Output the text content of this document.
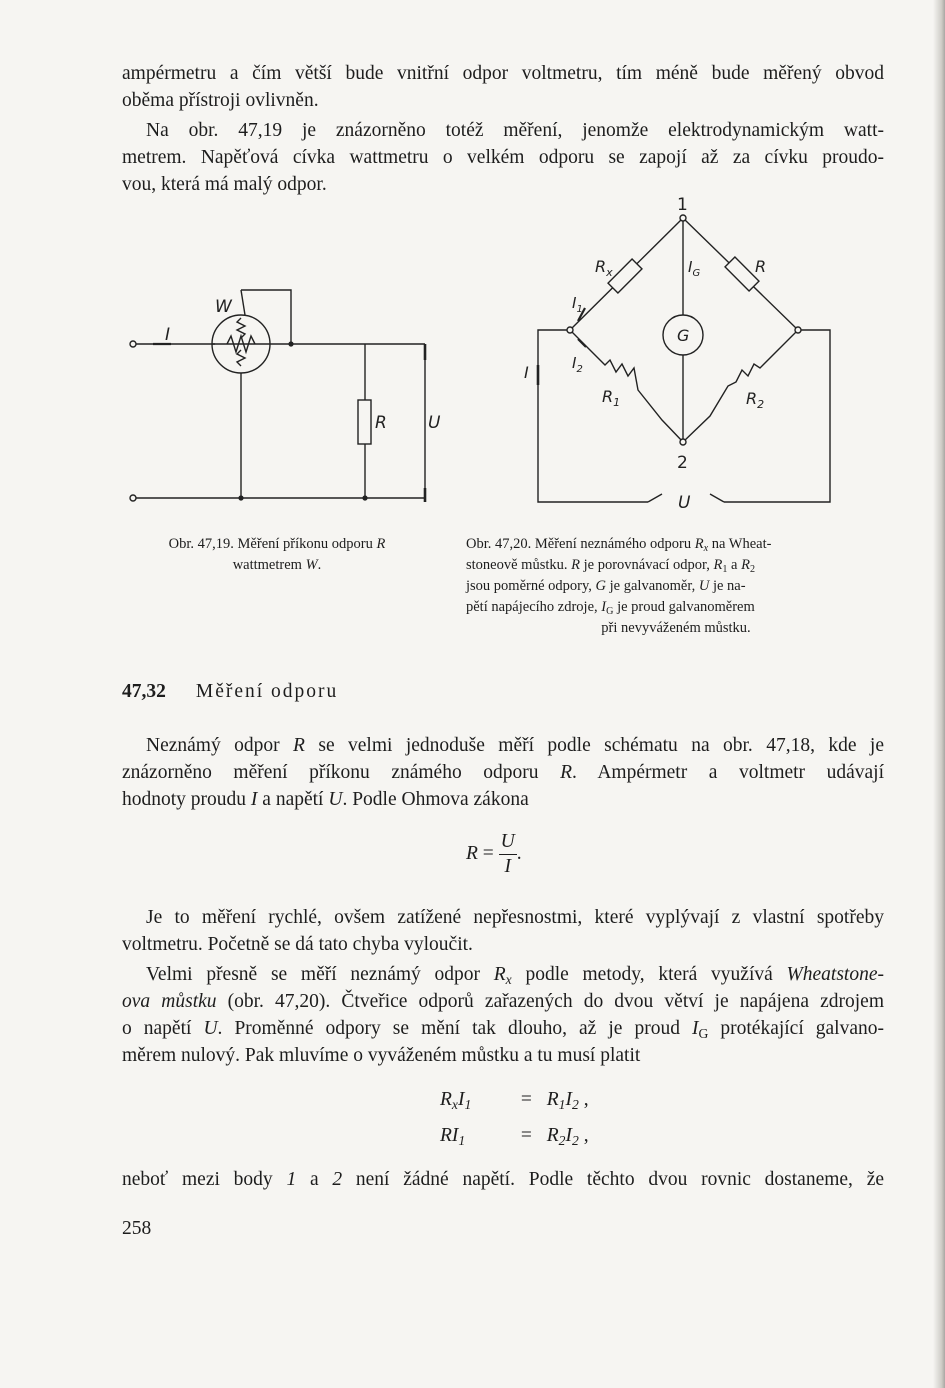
ampérmetru a čím větší bude vnitřní odpor voltmetru, tím méně bude měřený obvod
oběma přístroji ovlivněn.

Na obr. 47,19 je znázorněno totéž měření, jenomže elektrodynamickým watt-
metrem. Napěťová cívka wattmetru o velkém odporu se zapojí až za cívku proudo-
vou, která má malý odpor.

I
W
R U
1
2
$R_x$	R
$I_G$
$I_1$
$I_2$
$R_1$	$R_2$
G
I
U
Obr. 47,19. Měření příkonu odporu R
wattmetrem W.
Obr. 47,20. Měření neznámého odporu $R_x$ na Wheat-
stoneově můstku. R je porovnávací odpor, $R_1$ a $R_2$
jsou poměrné odpory, G je galvanoměr, U je na-
pětí napájecího zdroje, $I_G$ je proud galvanoměrem
při nevyváženém můstku.
47,32 Měření odporu

Neznámý odpor R se velmi jednoduše měří podle schématu na obr. 47,18, kde je
znázorněno měření příkonu známého odporu R. Ampérmetr a voltmetr udávají
hodnoty proudu I a napětí U. Podle Ohmova zákona

$R = \frac{U}{I}$ .

Je to měření rychlé, ovšem zatížené nepřesnostmi, které vyplývají z vlastní spotřeby
voltmetru. Početně se dá tato chyba vyloučit.

Velmi přesně se měří neznámý odpor $R_x$ podle metody, která využívá Wheatstone-
ova můstku (obr. 47,20). Čtveřice odporů zařazených do dvou větví je napájena zdrojem
o napětí U. Proměnné odpory se mění tak dlouho, až je proud $I_G$ protékající galvano-
měrem nulový. Pak mluvíme o vyváženém můstku a tu musí platit

$R_xI_1$	= $R_1I_2$ ,
$RI_1$	= $R_2I_2$ ,

neboť mezi body 1 a 2 není žádné napětí. Podle těchto dvou rovnic dostaneme, že

258
